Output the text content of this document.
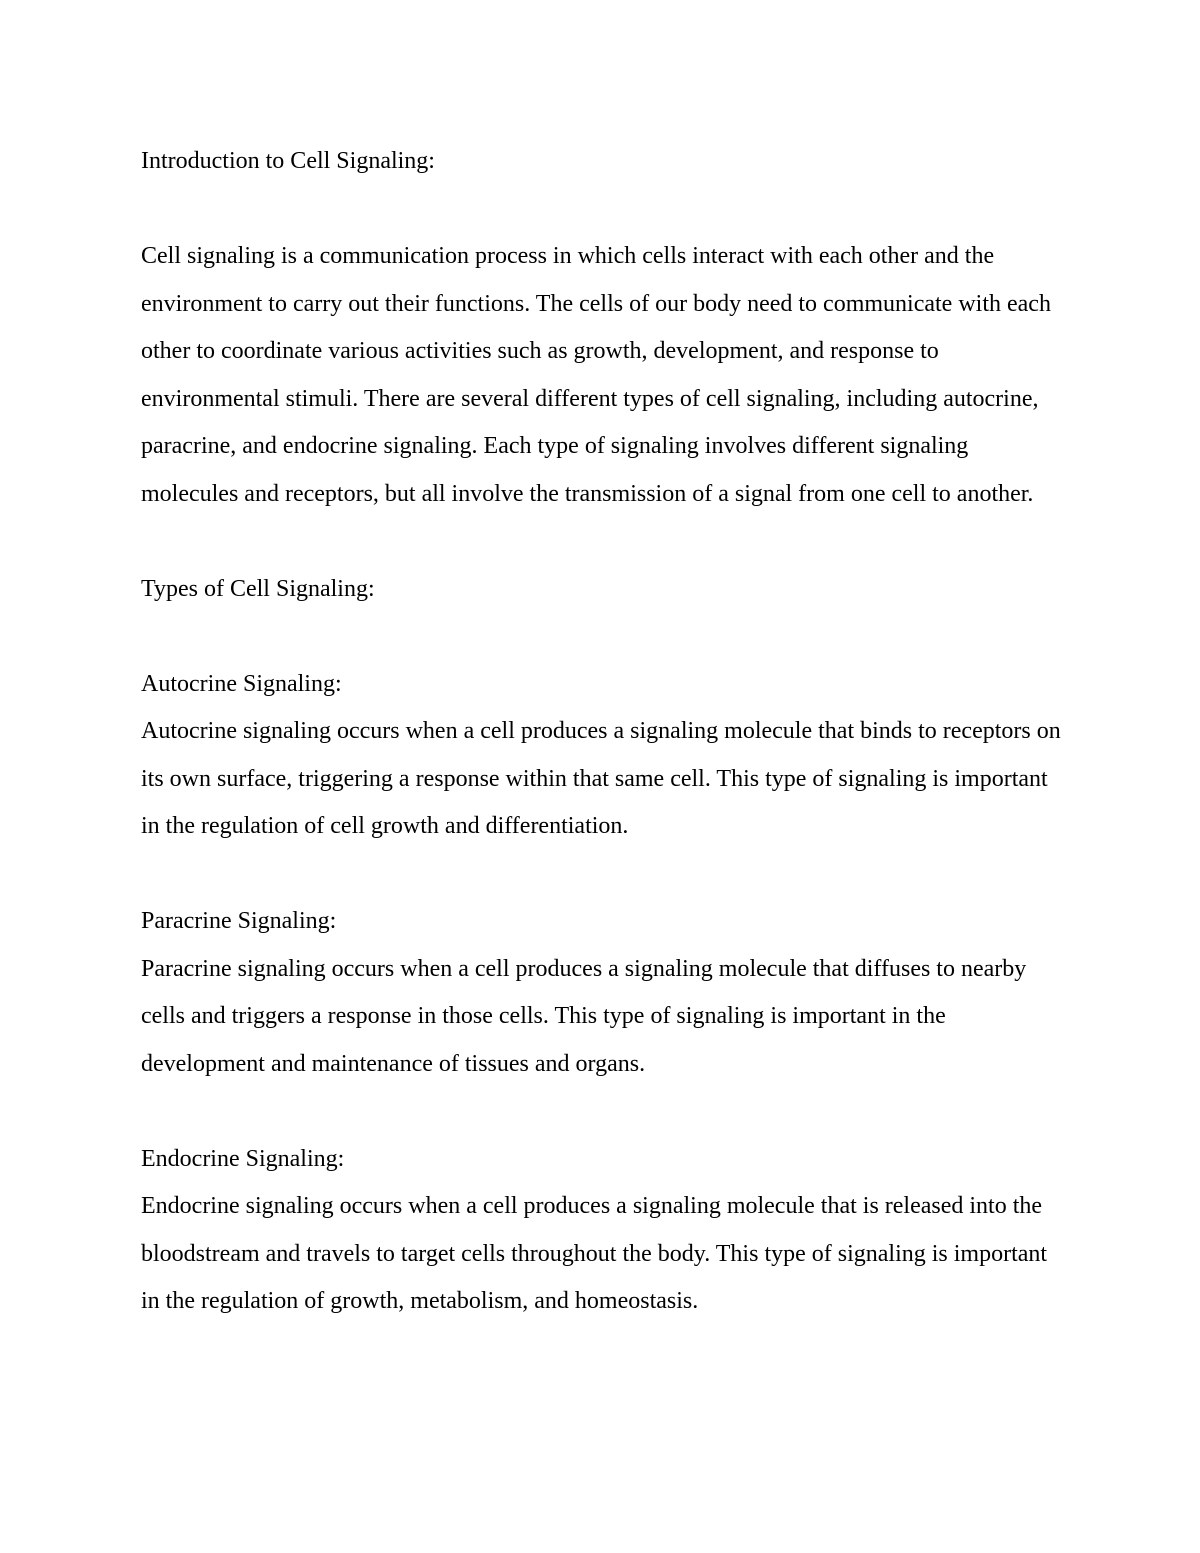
Introduction to Cell Signaling:

Cell signaling is a communication process in which cells interact with each other and the environment to carry out their functions. The cells of our body need to communicate with each other to coordinate various activities such as growth, development, and response to environmental stimuli. There are several different types of cell signaling, including autocrine, paracrine, and endocrine signaling. Each type of signaling involves different signaling molecules and receptors, but all involve the transmission of a signal from one cell to another.

Types of Cell Signaling:

Autocrine Signaling:

Autocrine signaling occurs when a cell produces a signaling molecule that binds to receptors on its own surface, triggering a response within that same cell. This type of signaling is important in the regulation of cell growth and differentiation.

Paracrine Signaling:

Paracrine signaling occurs when a cell produces a signaling molecule that diffuses to nearby cells and triggers a response in those cells. This type of signaling is important in the development and maintenance of tissues and organs.

Endocrine Signaling:

Endocrine signaling occurs when a cell produces a signaling molecule that is released into the bloodstream and travels to target cells throughout the body. This type of signaling is important in the regulation of growth, metabolism, and homeostasis.
